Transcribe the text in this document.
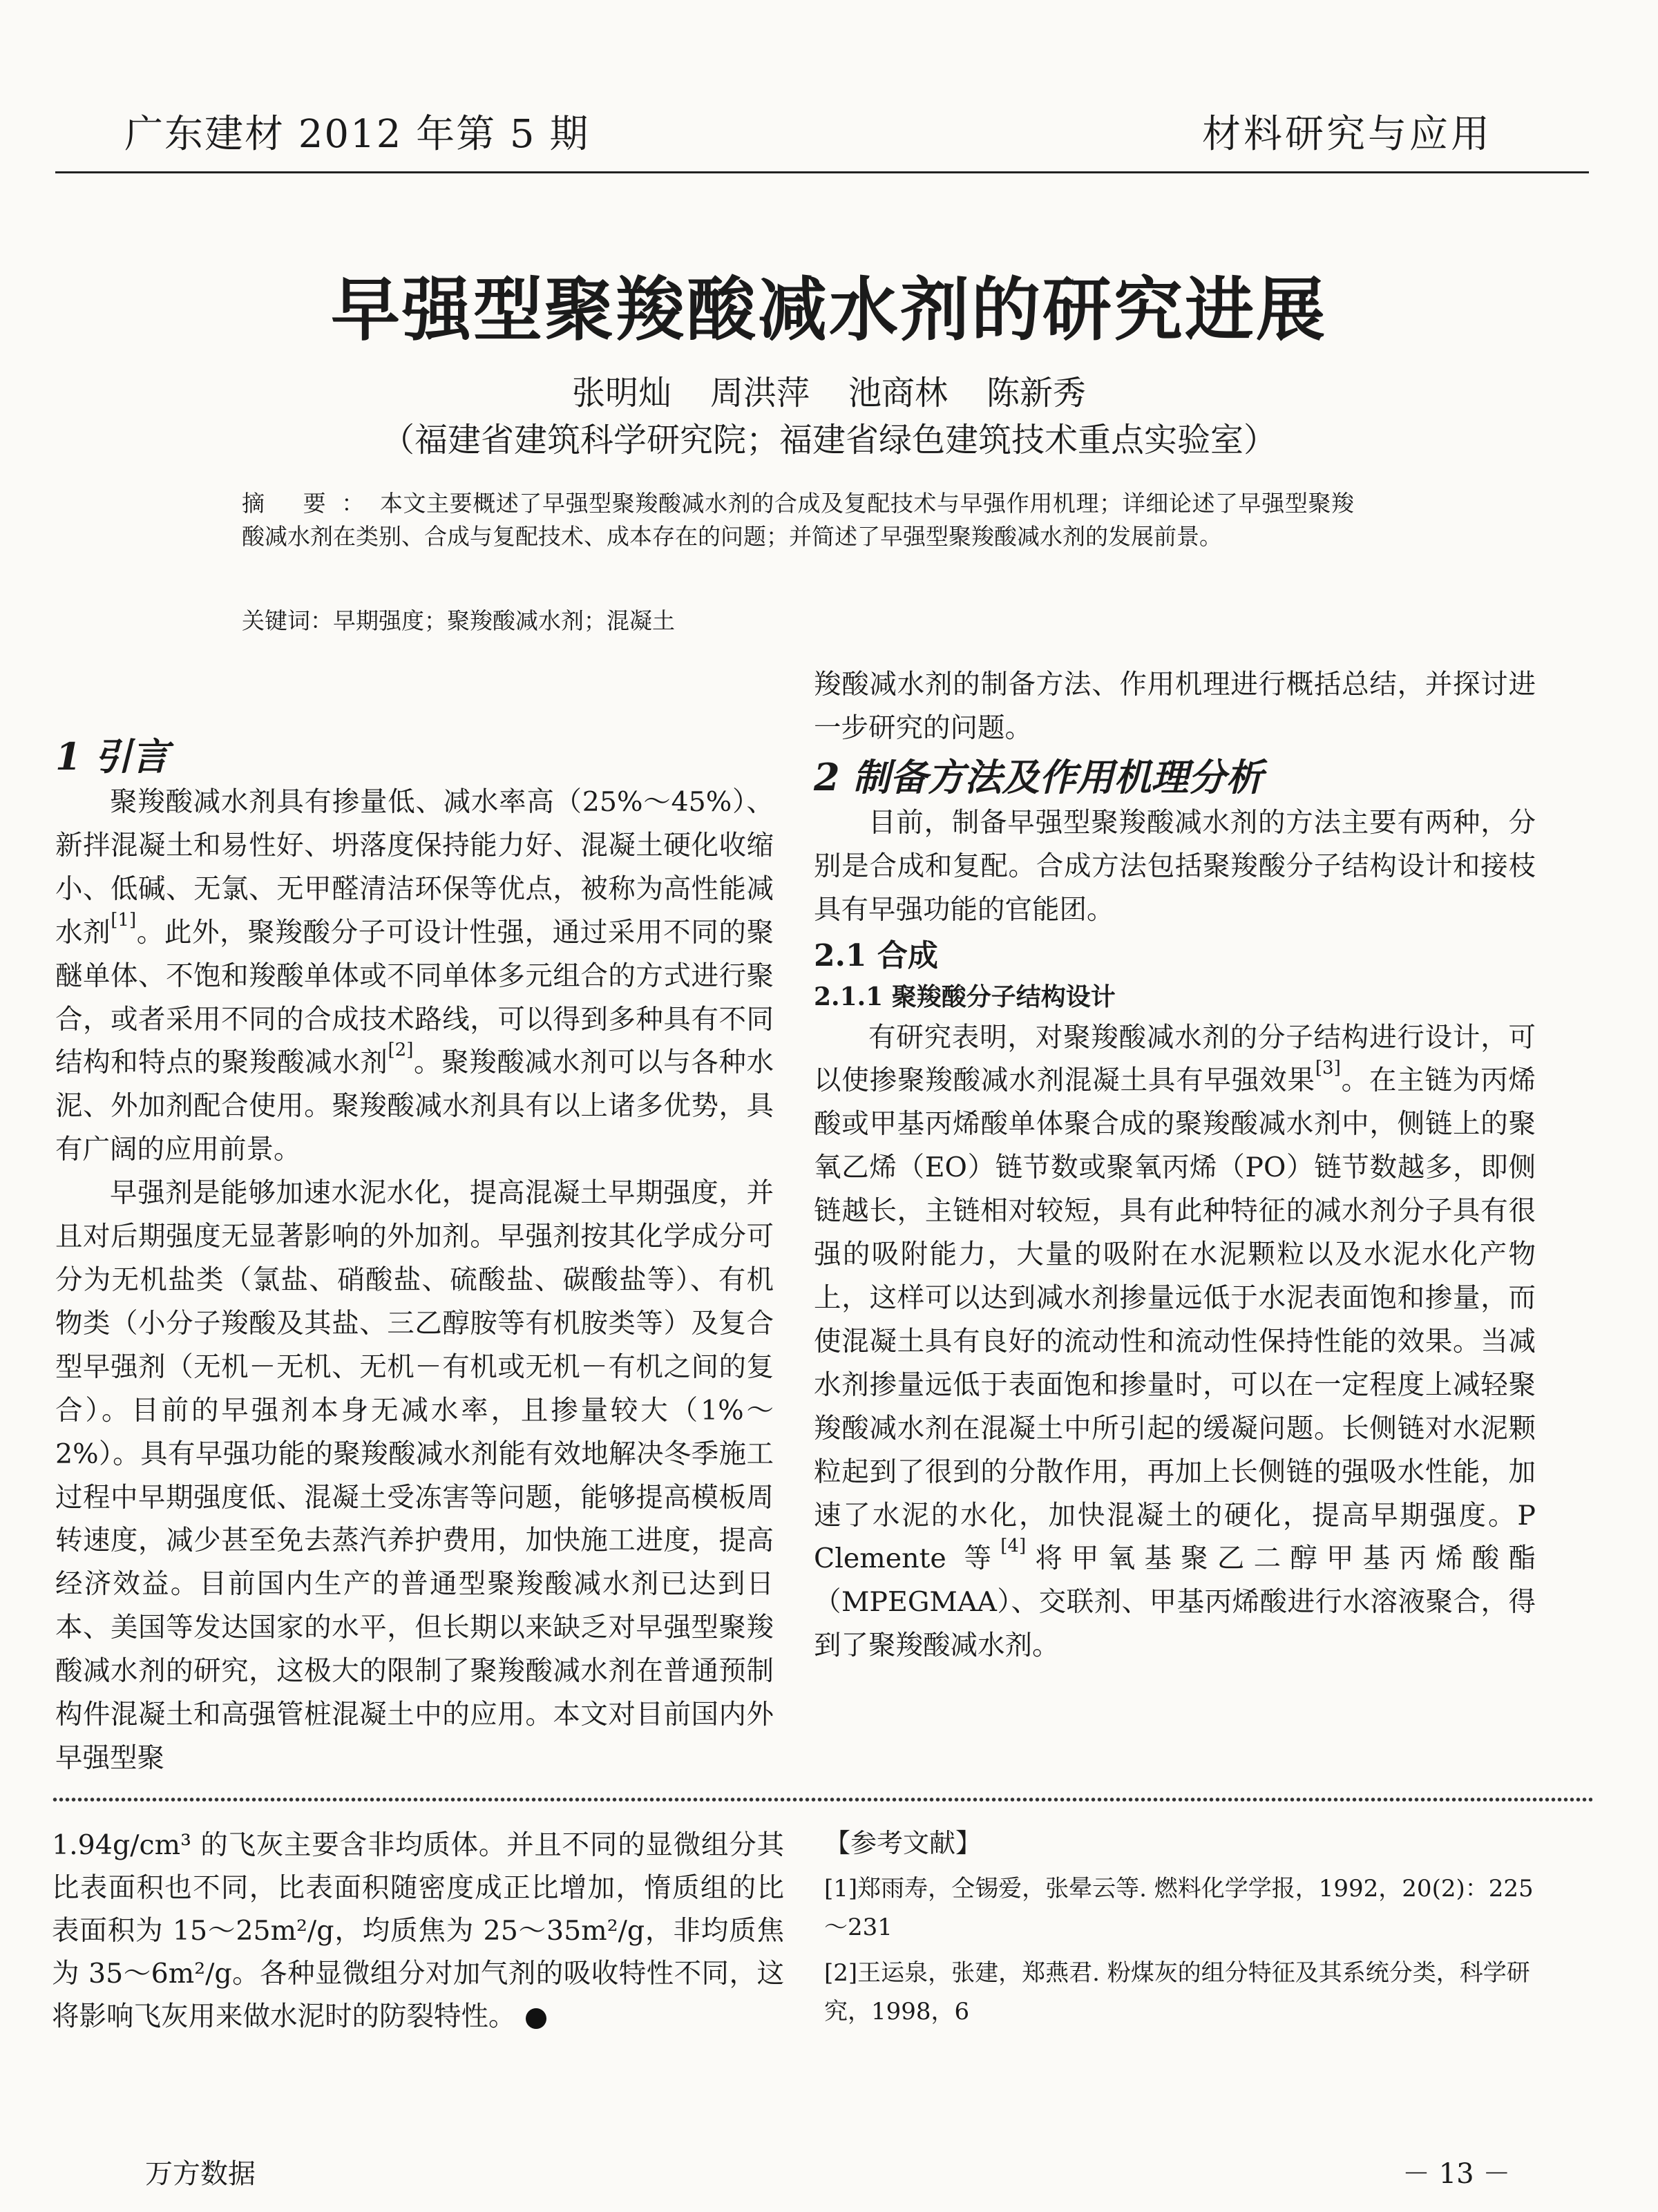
广东建材 2012 年第 5 期	材料研究与应用
早强型聚羧酸减水剂的研究进展
张明灿 周洪萍 池商林 陈新秀
（福建省建筑科学研究院；福建省绿色建筑技术重点实验室）
摘 要：本文主要概述了早强型聚羧酸减水剂的合成及复配技术与早强作用机理；详细论述了早强型聚羧酸减水剂在类别、合成与复配技术、成本存在的问题；并简述了早强型聚羧酸减水剂的发展前景。
关键词：早期强度；聚羧酸减水剂；混凝土
1 引言

聚羧酸减水剂具有掺量低、减水率高（25%～45%）、新拌混凝土和易性好、坍落度保持能力好、混凝土硬化收缩小、低碱、无氯、无甲醛清洁环保等优点，被称为高性能减水剂[1]。此外，聚羧酸分子可设计性强，通过采用不同的聚醚单体、不饱和羧酸单体或不同单体多元组合的方式进行聚合，或者采用不同的合成技术路线，可以得到多种具有不同结构和特点的聚羧酸减水剂[2]。聚羧酸减水剂可以与各种水泥、外加剂配合使用。聚羧酸减水剂具有以上诸多优势，具有广阔的应用前景。

早强剂是能够加速水泥水化，提高混凝土早期强度，并且对后期强度无显著影响的外加剂。早强剂按其化学成分可分为无机盐类（氯盐、硝酸盐、硫酸盐、碳酸盐等）、有机物类（小分子羧酸及其盐、三乙醇胺等有机胺类等）及复合型早强剂（无机－无机、无机－有机或无机－有机之间的复合）。目前的早强剂本身无减水率，且掺量较大（1%～2%）。具有早强功能的聚羧酸减水剂能有效地解决冬季施工过程中早期强度低、混凝土受冻害等问题，能够提高模板周转速度，减少甚至免去蒸汽养护费用，加快施工进度，提高经济效益。目前国内生产的普通型聚羧酸减水剂已达到日本、美国等发达国家的水平，但长期以来缺乏对早强型聚羧酸减水剂的研究，这极大的限制了聚羧酸减水剂在普通预制构件混凝土和高强管桩混凝土中的应用。本文对目前国内外早强型聚

羧酸减水剂的制备方法、作用机理进行概括总结，并探讨进一步研究的问题。

2 制备方法及作用机理分析

目前，制备早强型聚羧酸减水剂的方法主要有两种，分别是合成和复配。合成方法包括聚羧酸分子结构设计和接枝具有早强功能的官能团。

2.1 合成
2.1.1 聚羧酸分子结构设计

有研究表明，对聚羧酸减水剂的分子结构进行设计，可以使掺聚羧酸减水剂混凝土具有早强效果[3]。在主链为丙烯酸或甲基丙烯酸单体聚合成的聚羧酸减水剂中，侧链上的聚氧乙烯（EO）链节数或聚氧丙烯（PO）链节数越多，即侧链越长，主链相对较短，具有此种特征的减水剂分子具有很强的吸附能力，大量的吸附在水泥颗粒以及水泥水化产物上，这样可以达到减水剂掺量远低于水泥表面饱和掺量，而使混凝土具有良好的流动性和流动性保持性能的效果。当减水剂掺量远低于表面饱和掺量时，可以在一定程度上减轻聚羧酸减水剂在混凝土中所引起的缓凝问题。长侧链对水泥颗粒起到了很到的分散作用，再加上长侧链的强吸水性能，加速了水泥的水化，加快混凝土的硬化，提高早期强度。P Clemente 等[4]将甲氧基聚乙二醇甲基丙烯酸酯（MPEGMAA）、交联剂、甲基丙烯酸进行水溶液聚合，得到了聚羧酸减水剂。

1.94g/cm³ 的飞灰主要含非均质体。并且不同的显微组分其比表面积也不同，比表面积随密度成正比增加，惰质组的比表面积为 15～25m²/g，均质焦为 25～35m²/g，非均质焦为 35～6m²/g。各种显微组分对加气剂的吸收特性不同，这将影响飞灰用来做水泥时的防裂特性。

【参考文献】

[1]郑雨寿，仝锡爱，张晕云等. 燃料化学学报，1992，20(2)：225～231

[2]王运泉，张建，郑燕君. 粉煤灰的组分特征及其系统分类，科学研究，1998，6

万方数据	－ 13 －
